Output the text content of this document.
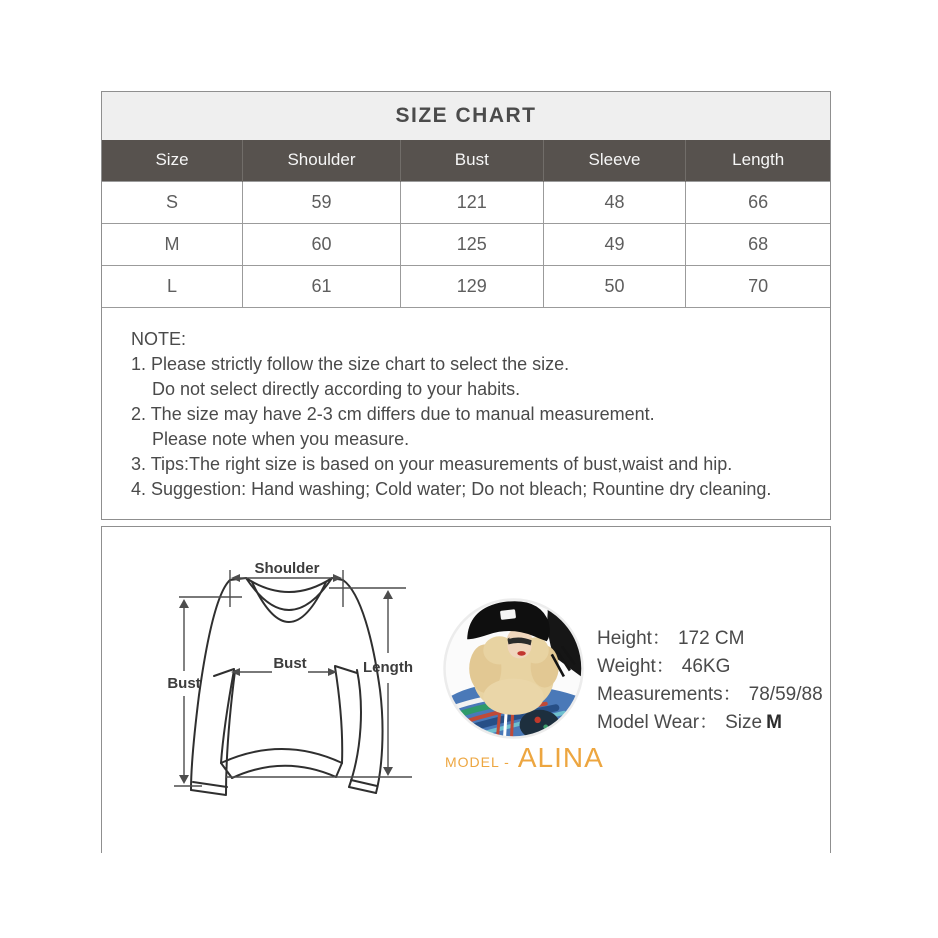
SIZE CHART
Size	Shoulder	Bust	Sleeve	Length
S	59	121	48	66
M	60	125	49	68
L	61	129	50	70
NOTE:
1. Please strictly follow the size chart to select the size.
Do not select directly according to your habits.
2. The size may have 2-3 cm differs due to manual measurement.
Please note when you measure.
3. Tips:The right size is based on your measurements of bust,waist and hip.
4. Suggestion: Hand washing; Cold water; Do not bleach; Rountine dry cleaning.
Shoulder
Bust
Bust	Length
Height： 172 CM
Weight： 46KG
Measurements： 78/59/88
Model Wear： Size M
MODEL - ALINA
